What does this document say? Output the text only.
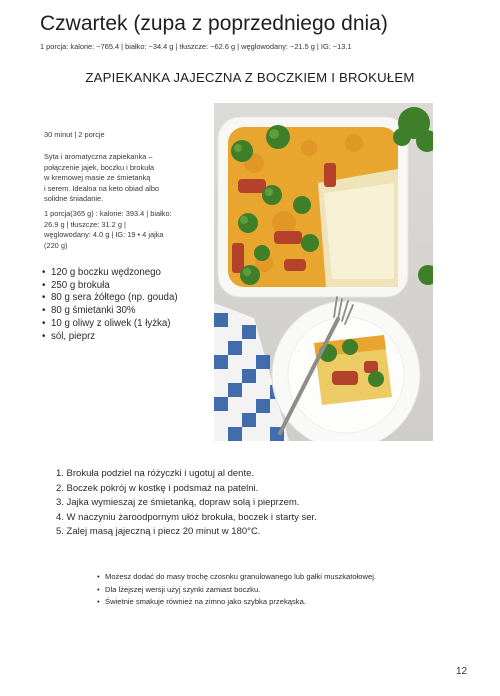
Czwartek (zupa z poprzedniego dnia)
1 porcja: kalorie: ~765.4 | białko: ~34.4 g | tłuszcze: ~62.6 g | węglowodany: ~21.5 g | IG: ~13.1
ZAPIEKANKA JAJECZNA Z BOCZKIEM I BROKUŁEM
30 minut | 2 porcje
Syta i aromatyczna zapiekanka –
połączenie jajek, boczku i brokuła
w kremowej masie ze śmietanką
i serem. Idealna na keto obiad albo
solidne śniadanie.
1 porcja(365 g) : kalorie: 393.4 | białko:
26.9 g | tłuszcze: 31.2 g |
węglowodany: 4.0 g | IG: 19 • 4 jajka
(220 g)
• 120 g boczku wędzonego
• 250 g brokuła
• 80 g sera żółtego (np. gouda)
• 80 g śmietanki 30%
• 10 g oliwy z oliwek (1 łyżka)
• sól, pieprz
1. Brokuła podziel na różyczki i ugotuj al dente.
2. Boczek pokrój w kostkę i podsmaż na patelni.
3. Jajka wymieszaj ze śmietanką, dopraw solą i pieprzem.
4. W naczyniu żaroodpornym ułóż brokuła, boczek i starty ser.
5. Zalej masą jajeczną i piecz 20 minut w 180°C.
• Możesz dodać do masy trochę czosnku granulowanego lub gałki muszkatołowej.
• Dla lżejszej wersji użyj szynki zamiast boczku.
• Świetnie smakuje również na zimno jako szybka przekąska.
12
